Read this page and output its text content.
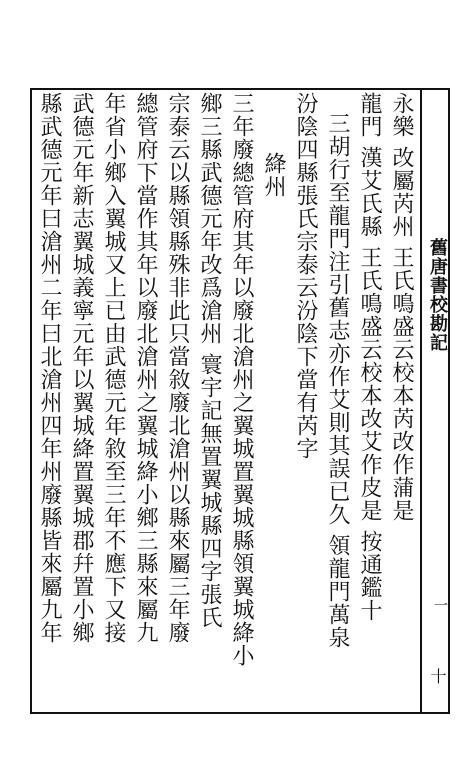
舊唐書校勘記
一
十
永樂 改屬芮州 王氏鳴盛云校本芮改作蒲是
龍門 漢艾氏縣 王氏鳴盛云校本改艾作皮是 按通鑑十
三胡行至龍門注引舊志亦作艾則其誤已久 領龍門萬泉
汾陰四縣張氏宗泰云汾陰下當有芮字
絳州
三年廢總管府其年以廢北滄州之翼城置翼城縣領翼城絳小
鄉三縣武德元年改爲滄州 寰宇記無置翼城縣四字張氏
宗泰云以縣領縣殊非此只當敘廢北滄州以縣來屬三年廢
總管府下當作其年以廢北滄州之翼城絳小鄉三縣來屬九
年省小鄉入翼城又上已由武德元年敘至三年不應下又接
武德元年新志翼城義寧元年以翼城絳置翼城郡幷置小鄉
縣武德元年曰滄州二年曰北滄州四年州廢縣皆來屬九年
